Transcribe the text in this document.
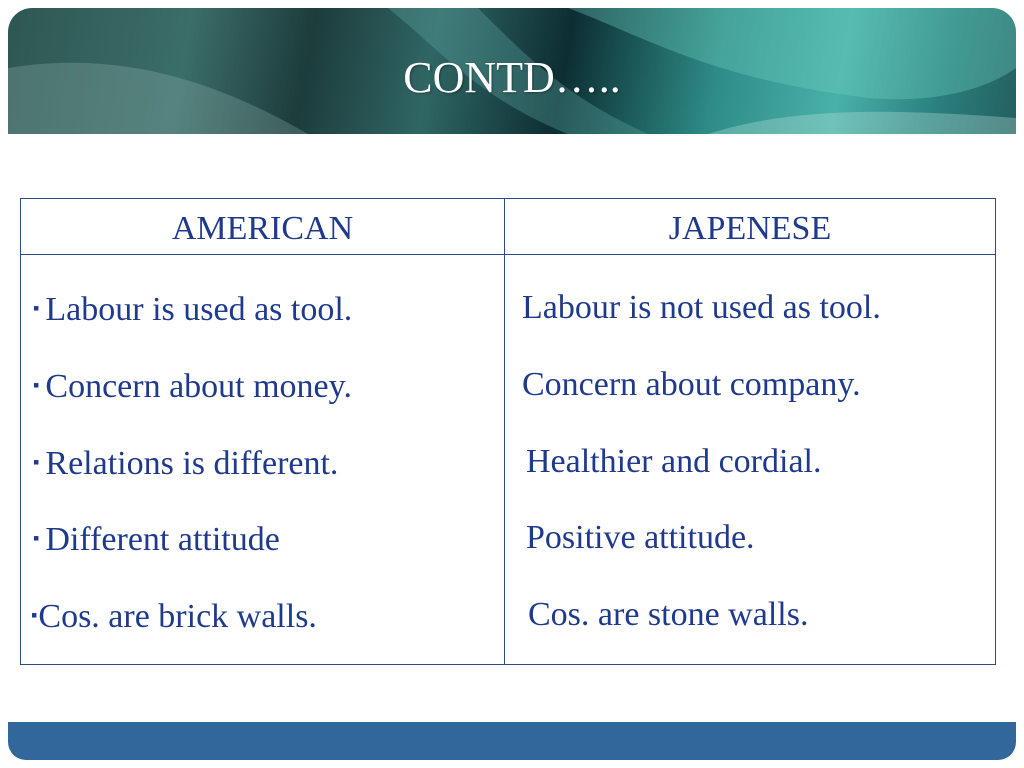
CONTD…..
AMERICAN	JAPENESE
▪ Labour is used as tool.	Labour is not used as tool.
▪ Concern about money.	Concern about company.
▪ Relations is different.	Healthier and cordial.
▪ Different attitude	Positive attitude.
▪Cos. are brick walls.	Cos. are stone walls.
